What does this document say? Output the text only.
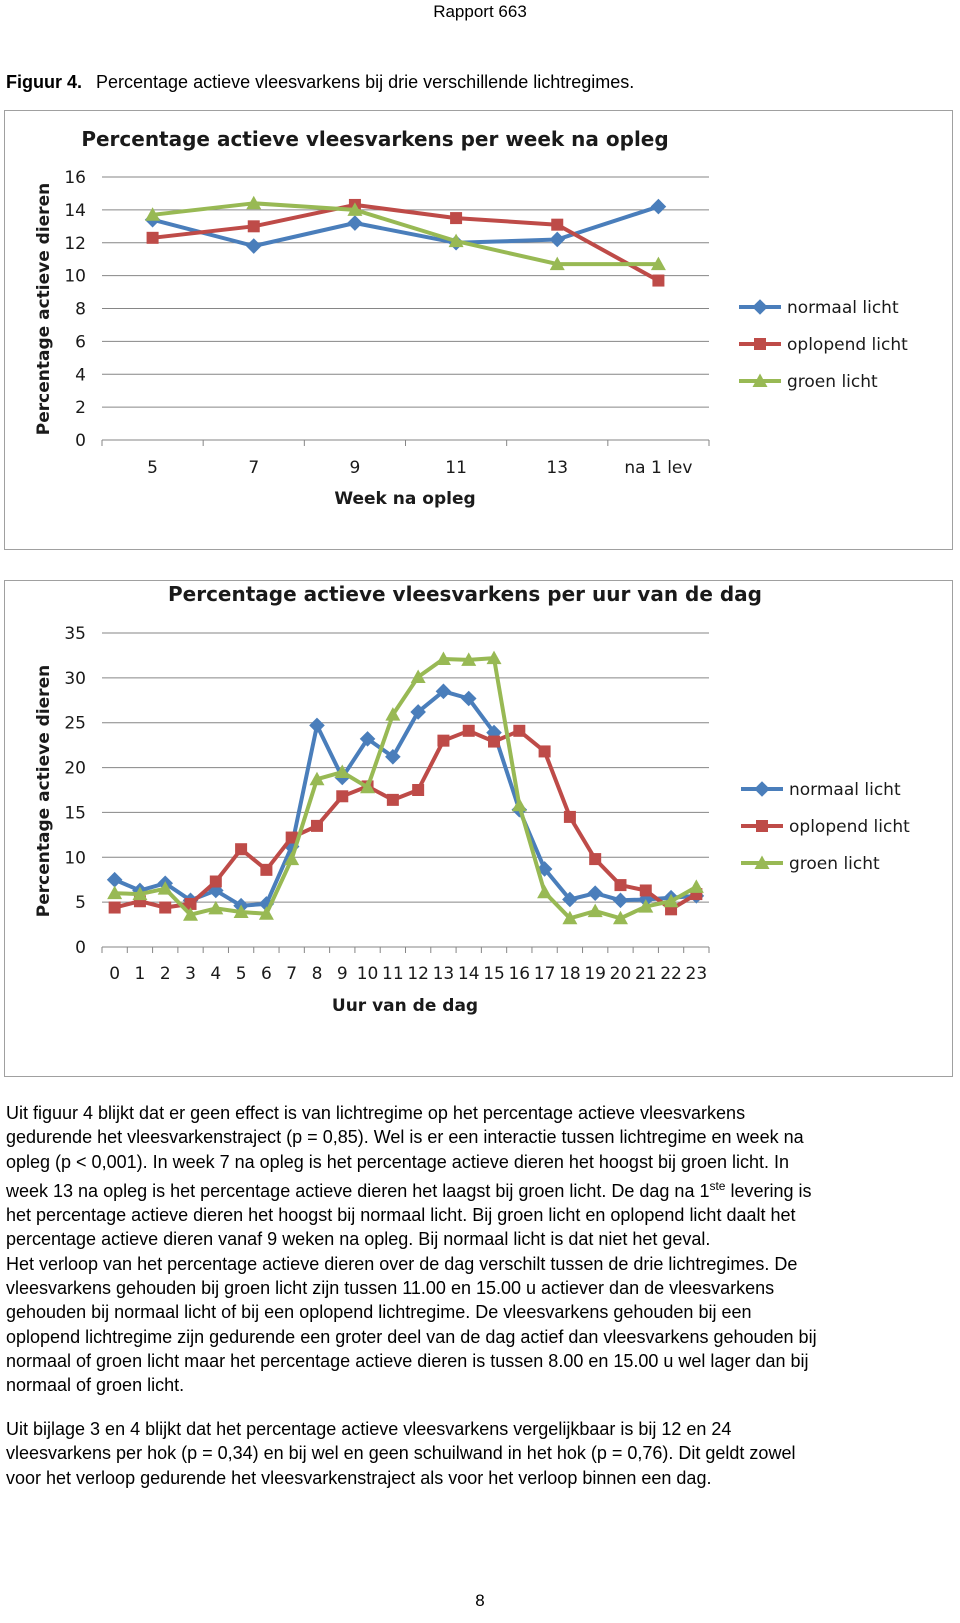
Rapport 663
Figuur 4. Percentage actieve vleesvarkens bij drie verschillende lichtregimes.
Percentage actieve vleesvarkens per week na opleg
0
2
4
6
8
10
12
14
16
5	7	9	11	13	na 1 lev
Week na opleg
Percentage actieve dieren	normaal licht
oplopend licht
groen licht
Percentage actieve vleesvarkens per uur van de dag
0
5
10
15
20
25
30
35
0 1 2 3 4 5 6 7 8 9 10 11 12 13 14 15 16 17 18 19 20 21 22 23
Uur van de dag
Percentage actieve dieren	normaal licht
oplopend licht
groen licht

Uit figuur 4 blijkt dat er geen effect is van lichtregime op het percentage actieve vleesvarkens

gedurende het vleesvarkenstraject (p = 0,85). Wel is er een interactie tussen lichtregime en week na

opleg (p < 0,001). In week 7 na opleg is het percentage actieve dieren het hoogst bij groen licht. In

week 13 na opleg is het percentage actieve dieren het laagst bij groen licht. De dag na 1ste levering is

het percentage actieve dieren het hoogst bij normaal licht. Bij groen licht en oplopend licht daalt het

percentage actieve dieren vanaf 9 weken na opleg. Bij normaal licht is dat niet het geval.

Het verloop van het percentage actieve dieren over de dag verschilt tussen de drie lichtregimes. De

vleesvarkens gehouden bij groen licht zijn tussen 11.00 en 15.00 u actiever dan de vleesvarkens

gehouden bij normaal licht of bij een oplopend lichtregime. De vleesvarkens gehouden bij een

oplopend lichtregime zijn gedurende een groter deel van de dag actief dan vleesvarkens gehouden bij

normaal of groen licht maar het percentage actieve dieren is tussen 8.00 en 15.00 u wel lager dan bij

normaal of groen licht.

Uit bijlage 3 en 4 blijkt dat het percentage actieve vleesvarkens vergelijkbaar is bij 12 en 24

vleesvarkens per hok (p = 0,34) en bij wel en geen schuilwand in het hok (p = 0,76). Dit geldt zowel

voor het verloop gedurende het vleesvarkenstraject als voor het verloop binnen een dag.

8
